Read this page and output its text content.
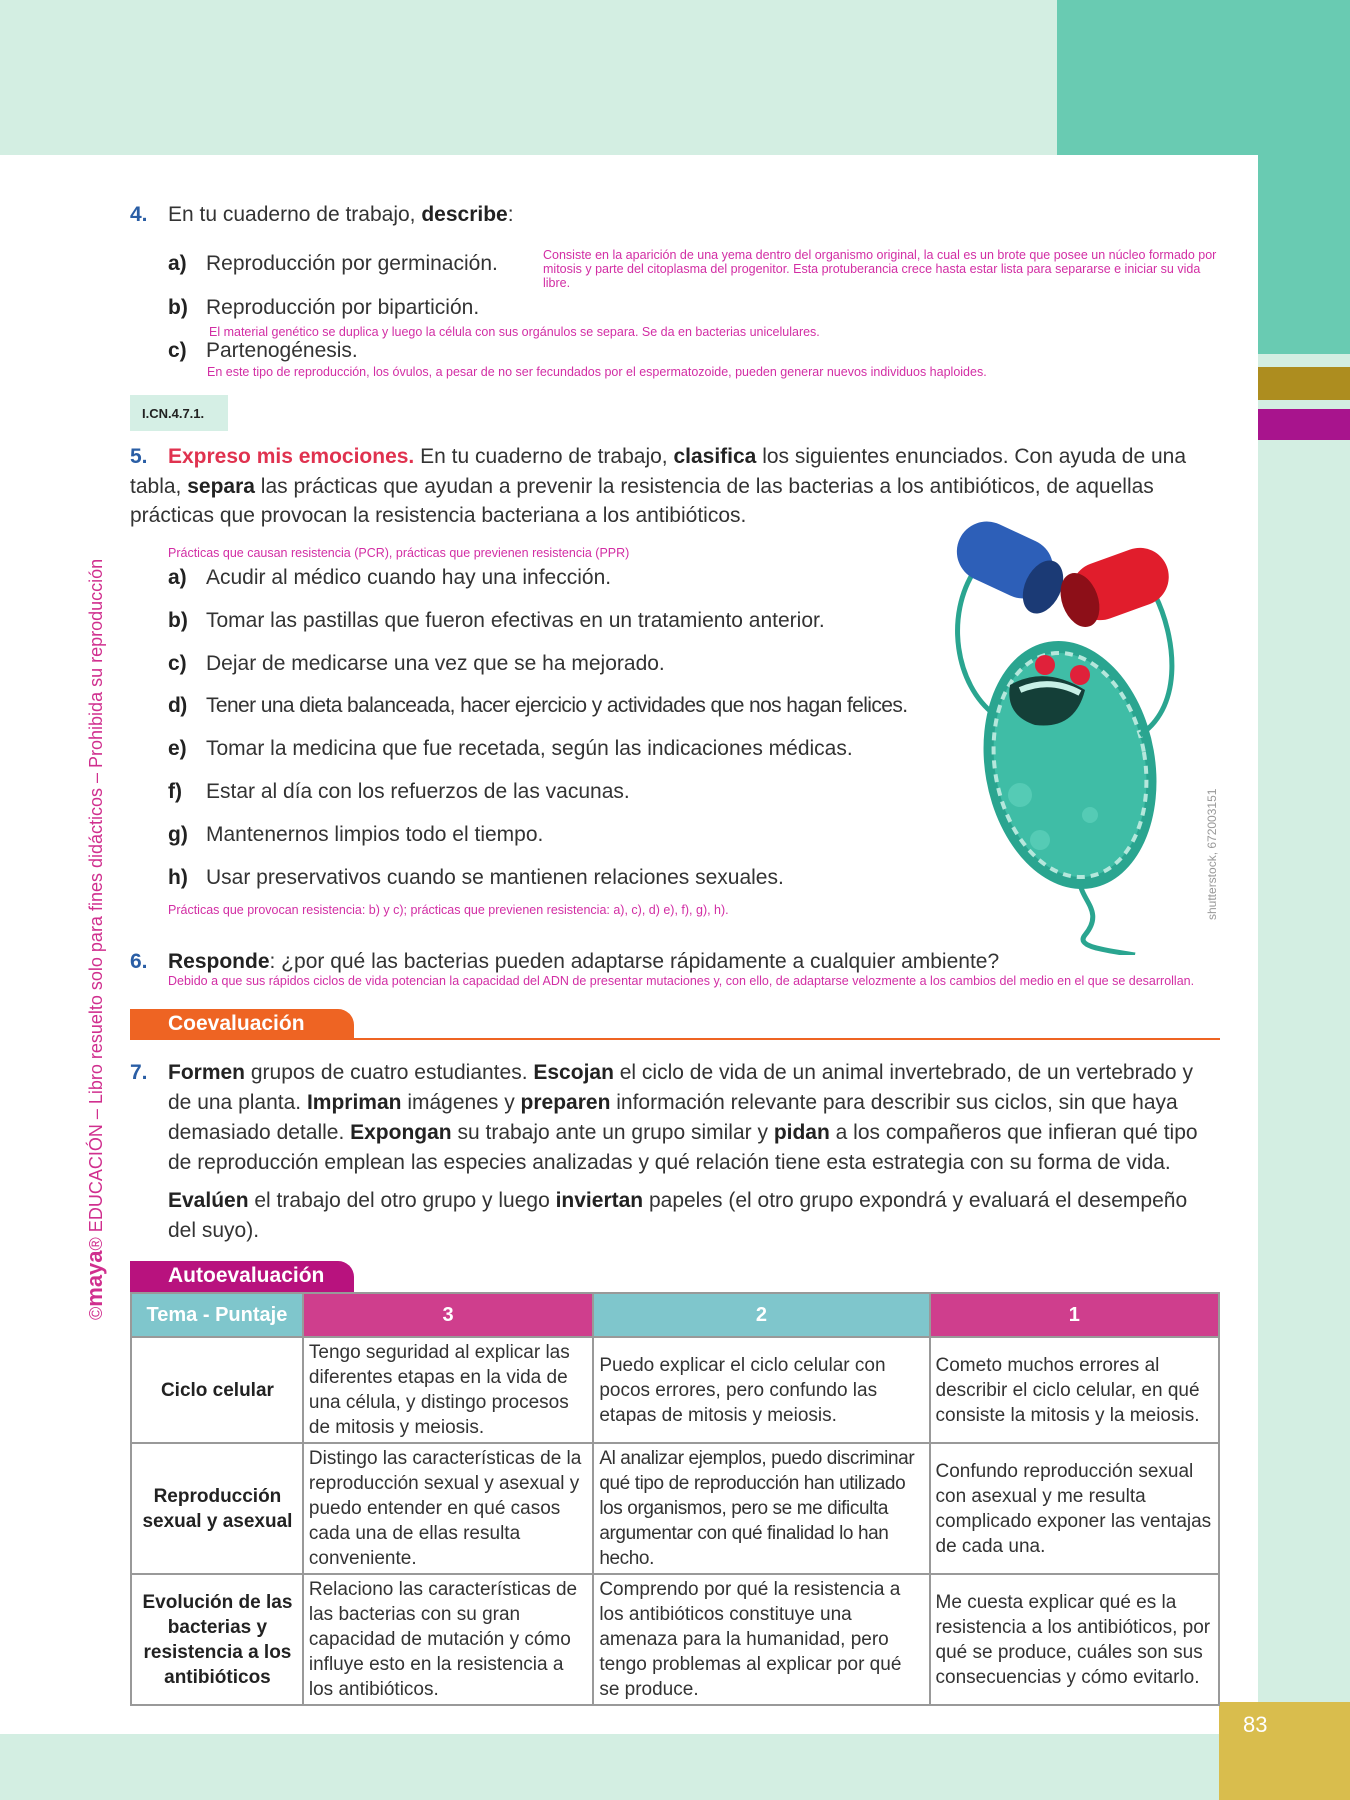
83
©maya® EDUCACIÓN – Libro resuelto solo para fines didácticos – Prohibida su reproducción
4. En tu cuaderno de trabajo, describe:
a) Reproducción por germinación.	Consiste en la aparición de una yema dentro del organismo original, la cual es un brote que posee un núcleo formado por mitosis y parte del citoplasma del progenitor. Esta protuberancia crece hasta estar lista para separarse e iniciar su vida libre.
b) Reproducción por bipartición.
El material genético se duplica y luego la célula con sus orgánulos se separa. Se da en bacterias unicelulares.
c) Partenogénesis.
En este tipo de reproducción, los óvulos, a pesar de no ser fecundados por el espermatozoide, pueden generar nuevos individuos haploides.
I.CN.4.7.1.
5. Expreso mis emociones. En tu cuaderno de trabajo, clasifica los siguientes enunciados. Con ayuda de una tabla, separa las prácticas que ayudan a prevenir la resistencia de las bacterias a los antibióticos, de aquellas prácticas que provocan la resistencia bacteriana a los antibióticos.
Prácticas que causan resistencia (PCR), prácticas que previenen resistencia (PPR)
a) Acudir al médico cuando hay una infección.
b) Tomar las pastillas que fueron efectivas en un tratamiento anterior.
c) Dejar de medicarse una vez que se ha mejorado.
d) Tener una dieta balanceada, hacer ejercicio y actividades que nos hagan felices.
e) Tomar la medicina que fue recetada, según las indicaciones médicas.
f) Estar al día con los refuerzos de las vacunas.
g) Mantenernos limpios todo el tiempo.
h) Usar preservativos cuando se mantienen relaciones sexuales.
Prácticas que provocan resistencia: b) y c); prácticas que previenen resistencia: a), c), d) e), f), g), h).	shutterstock, 672003151
6. Responde: ¿por qué las bacterias pueden adaptarse rápidamente a cualquier ambiente?
Debido a que sus rápidos ciclos de vida potencian la capacidad del ADN de presentar mutaciones y, con ello, de adaptarse velozmente a los cambios del medio en el que se desarrollan.
Coevaluación
7. Formen grupos de cuatro estudiantes. Escojan el ciclo de vida de un animal invertebrado, de un vertebrado y de una planta. Impriman imágenes y preparen información relevante para describir sus ciclos, sin que haya demasiado detalle. Expongan su trabajo ante un grupo similar y pidan a los compañeros que infieran qué tipo de reproducción emplean las especies analizadas y qué relación tiene esta estrategia con su forma de vida.

Evalúen el trabajo del otro grupo y luego inviertan papeles (el otro grupo expondrá y evaluará el desempeño del suyo).

Autoevaluación
Tema - Puntaje	3	2	1
Ciclo celular	Tengo seguridad al explicar las diferentes etapas en la vida de una célula, y distingo procesos de mitosis y meiosis.	Puedo explicar el ciclo celular con pocos errores, pero confundo las etapas de mitosis y meiosis.	Cometo muchos errores al describir el ciclo celular, en qué consiste la mitosis y la meiosis.
Reproducción sexual y asexual	Distingo las características de la reproducción sexual y asexual y puedo entender en qué casos cada una de ellas resulta conveniente.	Al analizar ejemplos, puedo discriminar qué tipo de reproducción han utilizado los organismos, pero se me dificulta argumentar con qué finalidad lo han hecho.	Confundo reproducción sexual con asexual y me resulta complicado exponer las ventajas de cada una.
Evolución de las bacterias y resistencia a los antibióticos	Relaciono las características de las bacterias con su gran capacidad de mutación y cómo influye esto en la resistencia a los antibióticos.	Comprendo por qué la resistencia a los antibióticos constituye una amenaza para la humanidad, pero tengo problemas al explicar por qué se produce.	Me cuesta explicar qué es la resistencia a los antibióticos, por qué se produce, cuáles son sus consecuencias y cómo evitarlo.
